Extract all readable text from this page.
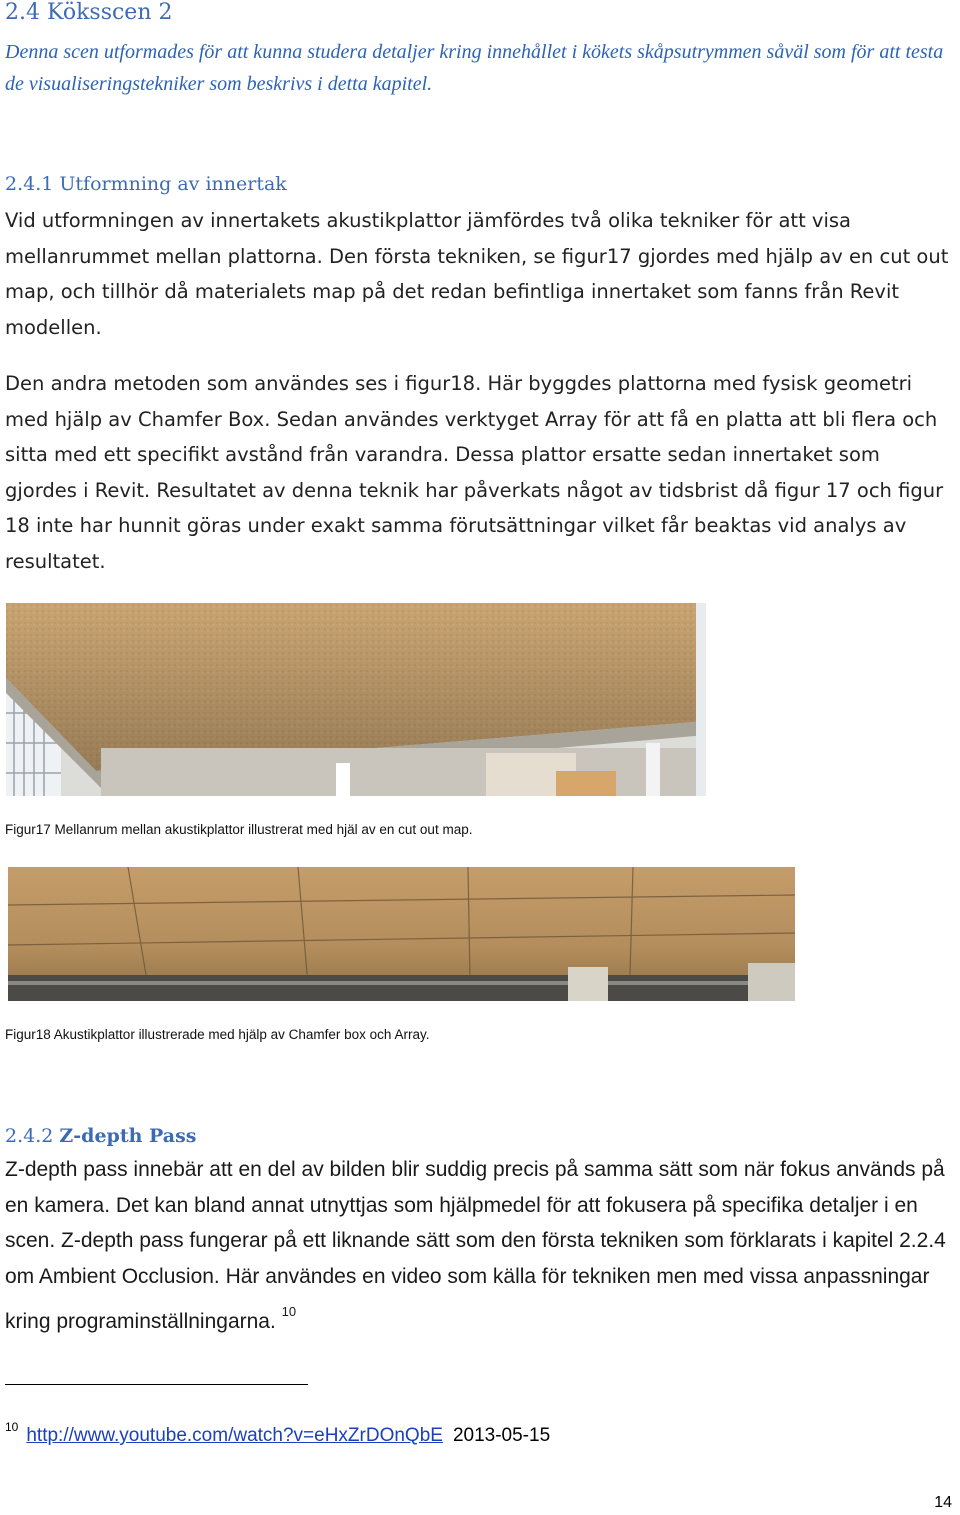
2.4 Köksscen 2
Denna scen utformades för att kunna studera detaljer kring innehållet i kökets skåpsutrymmen såväl som för att testa de visualiseringstekniker som beskrivs i detta kapitel.
2.4.1 Utformning av innertak
Vid utformningen av innertakets akustikplattor jämfördes två olika tekniker för att visa mellanrummet mellan plattorna. Den första tekniken, se figur17 gjordes med hjälp av en cut out map, och tillhör då materialets map på det redan befintliga innertaket som fanns från Revit modellen.
Den andra metoden som användes ses i figur18. Här byggdes plattorna med fysisk geometri med hjälp av Chamfer Box. Sedan användes verktyget Array för att få en platta att bli flera och sitta med ett specifikt avstånd från varandra. Dessa plattor ersatte sedan innertaket som gjordes i Revit. Resultatet av denna teknik har påverkats något av tidsbrist då figur 17 och figur 18 inte har hunnit göras under exakt samma förutsättningar vilket får beaktas vid analys av resultatet.
Figur17 Mellanrum mellan akustikplattor illustrerat med hjäl av en cut out map.
Figur18 Akustikplattor illustrerade med hjälp av Chamfer box och Array.
2.4.2 Z-depth Pass
Z-depth pass innebär att en del av bilden blir suddig precis på samma sätt som när fokus används på en kamera. Det kan bland annat utnyttjas som hjälpmedel för att fokusera på specifika detaljer i en scen. Z-depth pass fungerar på ett liknande sätt som den första tekniken som förklarats i kapitel 2.2.4 om Ambient Occlusion. Här användes en video som källa för tekniken men med vissa anpassningar kring programinställningarna. $^{10}$
$^{10}$ http://www.youtube.com/watch?v=eHxZrDOnQbE 2013-05-15
14
